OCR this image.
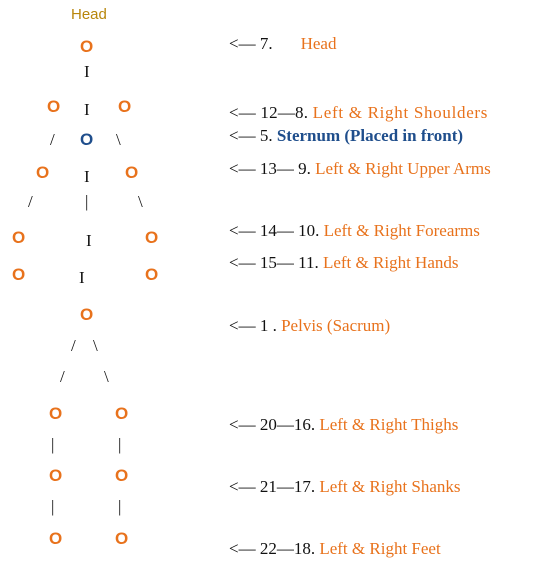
Head
O
I
O I O
/ O \
O I O
/	|	\
O	I	O
O	I	O
O
/ \
/ \
O	O
|	|
O	O
|	|
O	O
<— 7. Head
<— 12—8. Left & Right Shoulders
<— 5. Sternum (Placed in front)
<— 13— 9. Left & Right Upper Arms
<— 14— 10. Left & Right Forearms
<— 15— 11. Left & Right Hands
<— 1 . Pelvis (Sacrum)
<— 20—16. Left & Right Thighs
<— 21—17. Left & Right Shanks
<— 22—18. Left & Right Feet
